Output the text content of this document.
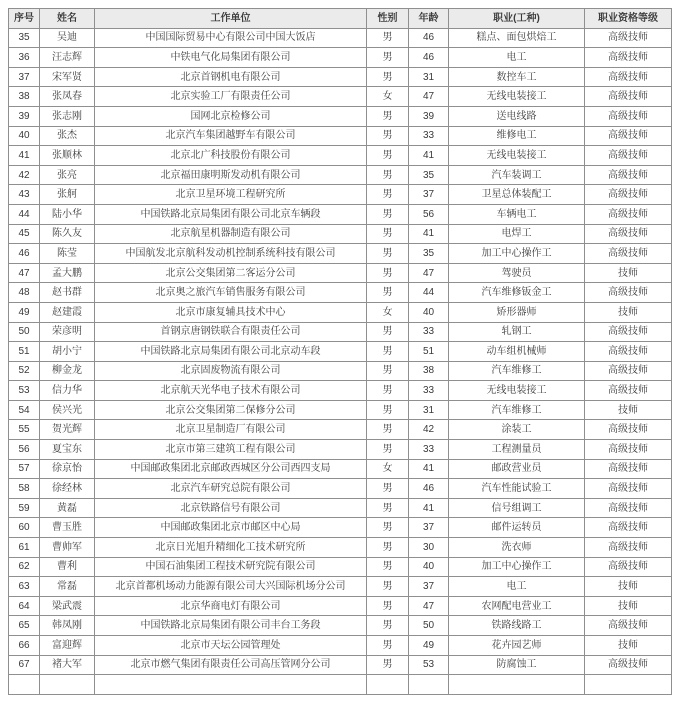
序号	姓名	工作单位	性别	年龄	职业(工种)	职业资格等级
35	吴迪	中国国际贸易中心有限公司中国大饭店	男	46	糕点、面包烘焙工	高级技师
36	汪志辉	中铁电气化局集团有限公司	男	46	电工	高级技师
37	宋军贤	北京首钢机电有限公司	男	31	数控车工	高级技师
38	张凤春	北京实验工厂有限责任公司	女	47	无线电装接工	高级技师
39	张志刚	国网北京检修公司	男	39	送电线路	高级技师
40	张杰	北京汽车集团越野车有限公司	男	33	维修电工	高级技师
41	张顺林	北京北广科技股份有限公司	男	41	无线电装接工	高级技师
42	张亮	北京福田康明斯发动机有限公司	男	35	汽车装调工	高级技师
43	张舸	北京卫星环境工程研究所	男	37	卫星总体装配工	高级技师
44	陆小华	中国铁路北京局集团有限公司北京车辆段	男	56	车辆电工	高级技师
45	陈久友	北京航星机器制造有限公司	男	41	电焊工	高级技师
46	陈莹	中国航发北京航科发动机控制系统科技有限公司	男	35	加工中心操作工	高级技师
47	孟大鹏	北京公交集团第二客运分公司	男	47	驾驶员	技师
48	赵书群	北京奥之旅汽车销售服务有限公司	男	44	汽车维修钣金工	高级技师
49	赵建霞	北京市康复辅具技术中心	女	40	矫形器师	技师
50	荣彦明	首钢京唐钢铁联合有限责任公司	男	33	轧钢工	高级技师
51	胡小宁	中国铁路北京局集团有限公司北京动车段	男	51	动车组机械师	高级技师
52	柳金龙	北京固废物流有限公司	男	38	汽车维修工	高级技师
53	信力华	北京航天光华电子技术有限公司	男	33	无线电装接工	高级技师
54	侯兴光	北京公交集团第二保修分公司	男	31	汽车维修工	技师
55	贺光辉	北京卫星制造厂有限公司	男	42	涂装工	高级技师
56	夏宝东	北京市第三建筑工程有限公司	男	33	工程测量员	高级技师
57	徐京怡	中国邮政集团北京邮政西城区分公司西四支局	女	41	邮政营业员	高级技师
58	徐经林	北京汽车研究总院有限公司	男	46	汽车性能试验工	高级技师
59	黄磊	北京铁路信号有限公司	男	41	信号组调工	高级技师
60	曹玉胜	中国邮政集团北京市邮区中心局	男	37	邮件运转员	高级技师
61	曹帅军	北京日光旭升精细化工技术研究所	男	30	洗衣师	高级技师
62	曹利	中国石油集团工程技术研究院有限公司	男	40	加工中心操作工	高级技师
63	常磊	北京首都机场动力能源有限公司大兴国际机场分公司	男	37	电工	技师
64	梁武震	北京华商电灯有限公司	男	47	农网配电营业工	技师
65	韩凤刚	中国铁路北京局集团有限公司丰台工务段	男	50	铁路线路工	高级技师
66	富迎辉	北京市天坛公园管理处	男	49	花卉园艺师	技师
67	褚大军	北京市燃气集团有限责任公司高压管网分公司	男	53	防腐蚀工	高级技师
